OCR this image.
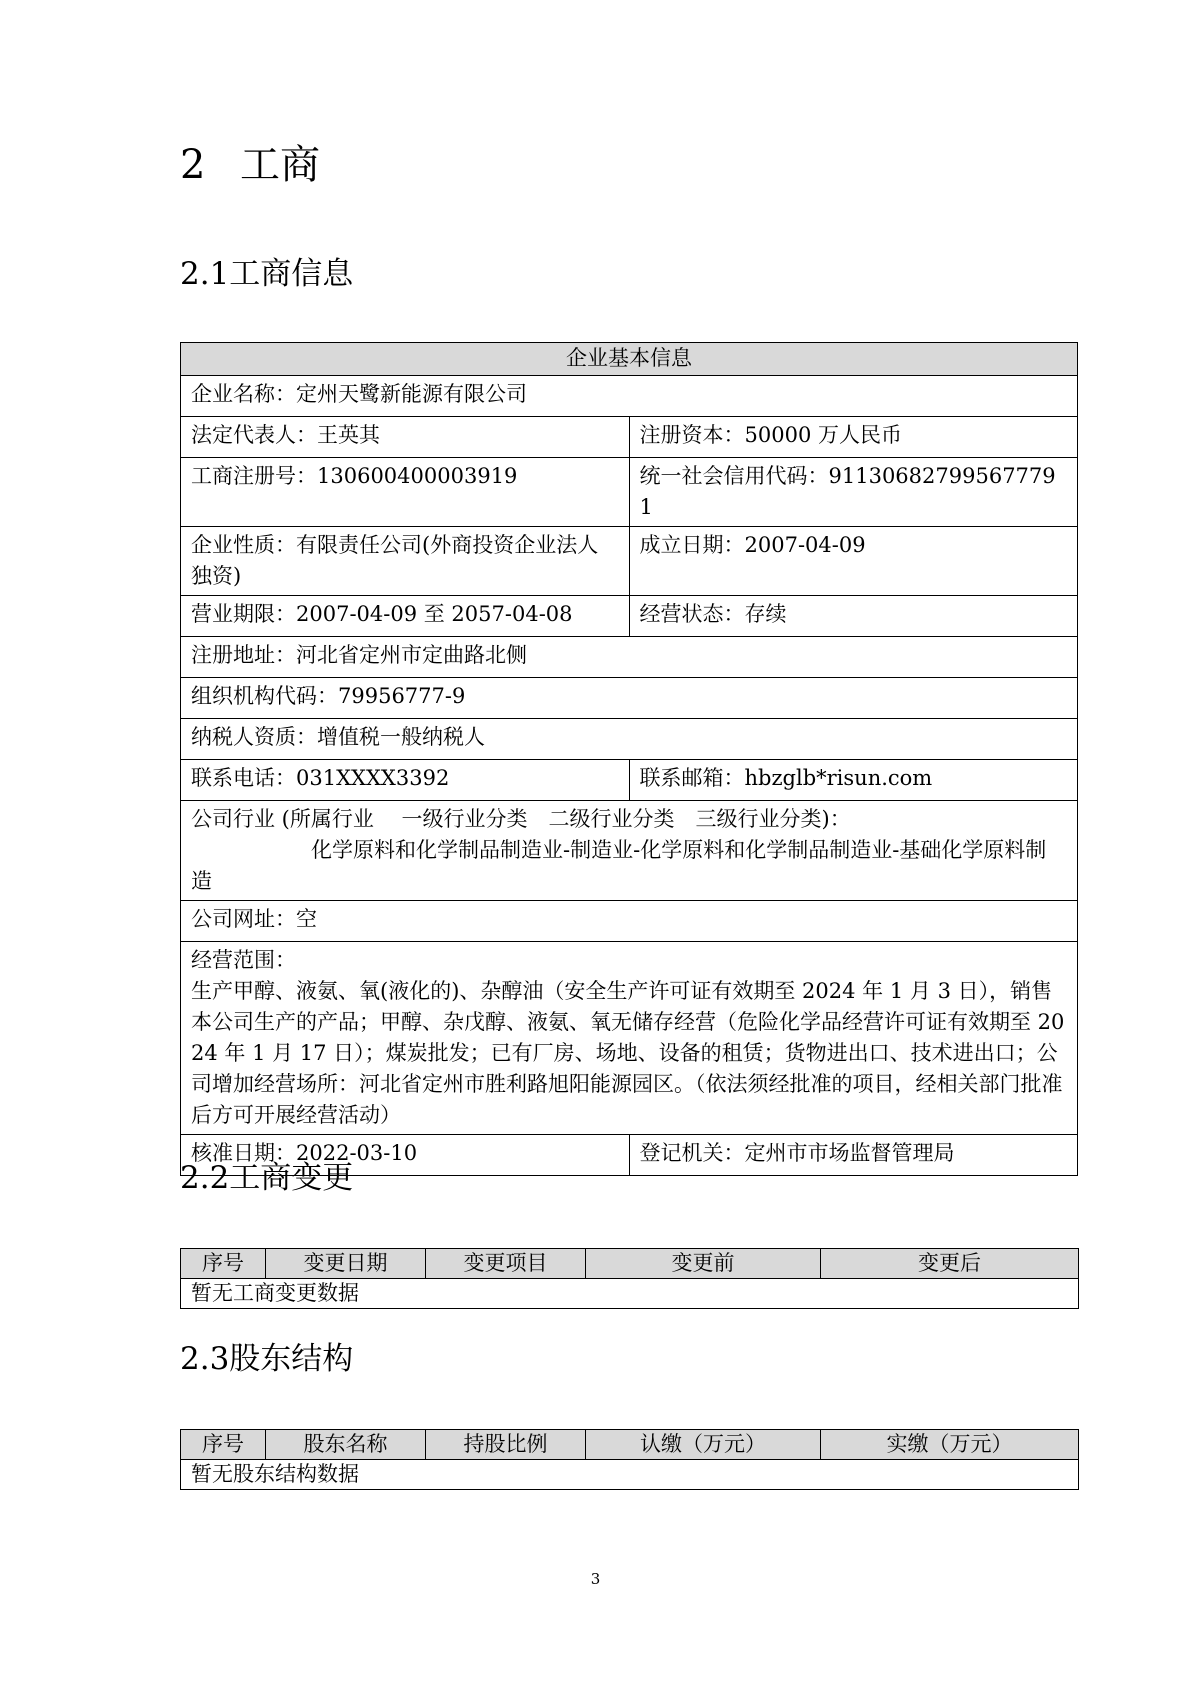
2 工商
2.1工商信息
企业基本信息	
企业名称：定州天鹭新能源有限公司	
法定代表人：王英其	注册资本：50000 万人民币
工商注册号：130600400003919	统一社会信用代码：911306827995677791
企业性质：有限责任公司(外商投资企业法人独资)	成立日期：2007-04-09
营业期限：2007-04-09 至 2057-04-08	经营状态：存续
注册地址：河北省定州市定曲路北侧	
组织机构代码：79956777-9	
纳税人资质：增值税一般纳税人	
联系电话：031XXXX3392	联系邮箱：hbzglb*risun.com

公司行业 (所属行业　 一级行业分类　二级行业分类　三级行业分类)：
化学原料和化学制品制造业-制造业-化学原料和化学制品制造业-基础化学原料制造	

公司网址：空	

经营范围：
生产甲醇、液氨、氧(液化的)、杂醇油（安全生产许可证有效期至 2024 年 1 月 3 日），销售本公司生产的产品；甲醇、杂戊醇、液氨、氧无储存经营（危险化学品经营许可证有效期至 2024 年 1 月 17 日）；煤炭批发；已有厂房、场地、设备的租赁；货物进出口、技术进出口；公司增加经营场所：河北省定州市胜利路旭阳能源园区。（依法须经批准的项目，经相关部门批准后方可开展经营活动）	

核准日期：2022-03-10	登记机关：定州市市场监督管理局
2.2工商变更
序号	变更日期	变更项目	变更前	变更后
暂无工商变更数据
2.3股东结构
序号	股东名称	持股比例	认缴（万元）	实缴（万元）
暂无股东结构数据
3
